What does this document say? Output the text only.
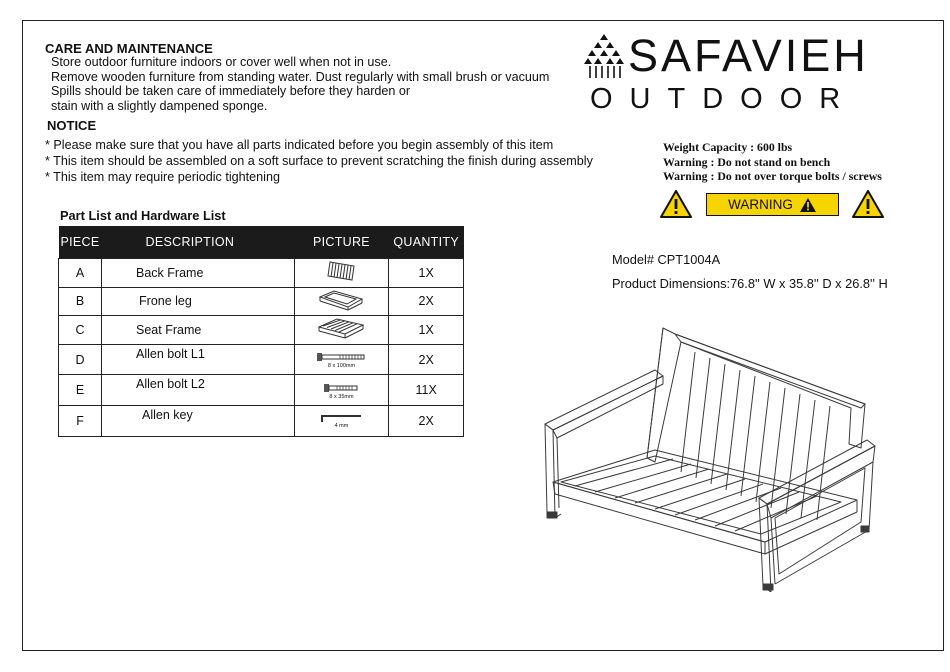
CARE AND MAINTENANCE
Store outdoor furniture indoors or cover well when not in use.
Remove wooden furniture from standing water. Dust regularly with small brush or vacuum
Spills should be taken care of immediately before they harden or
stain with a slightly dampened sponge.
NOTICE
* Please make sure that you have all parts indicated before you begin assembly of this item
* This item should be assembled on a soft surface to prevent scratching the finish during assembly
* This item may require periodic tightening
SAFAVIEH
OUTDOOR
Weight Capacity : 600 lbs
Warning : Do not stand on bench
Warning : Do not over torque bolts / screws
WARNING
Model# CPT1004A
Product Dimensions:76.8'' W x 35.8'' D x 26.8'' H
Part List and Hardware List
PIECE	DESCRIPTION	PICTURE	QUANTITY
A	Back Frame		1X
B	Frone leg		2X
C	Seat Frame		1X
D	Allen bolt L1	8 x 100mm	2X
E	Allen bolt L2	8 x 35mm	11X
F	Allen key	4 mm	2X
